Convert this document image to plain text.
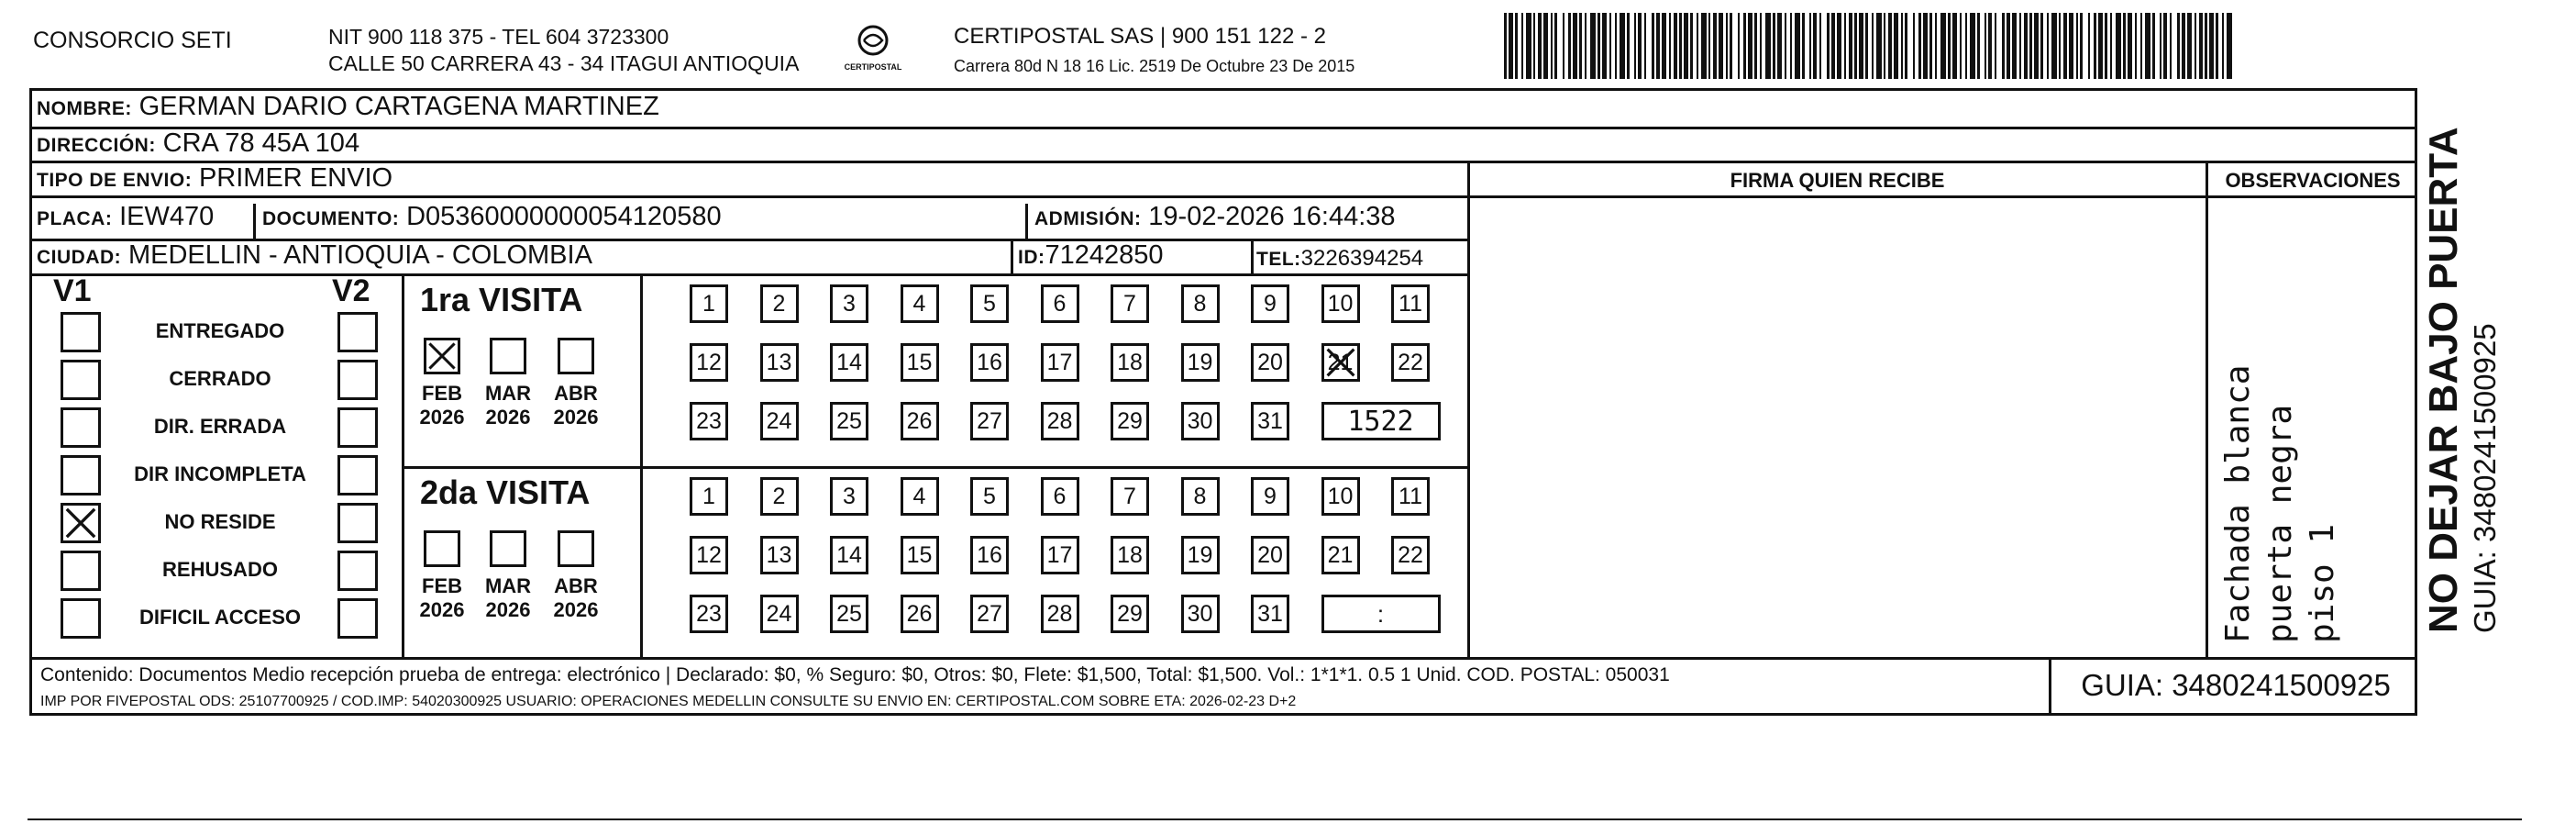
CONSORCIO SETI	NIT 900 118 375 - TEL 604 3723300
CALLE 50 CARRERA 43 - 34 ITAGUI ANTIOQUIA	CERTIPOSTAL
CERTIPOSTAL SAS | 900 151 122 - 2
Carrera 80d N 18 16 Lic. 2519 De Octubre 23 De 2015
NOMBRE: GERMAN DARIO CARTAGENA MARTINEZ
DIRECCIÓN: CRA 78 45A 104
TIPO DE ENVIO: PRIMER ENVIO
PLACA: IEW470	DOCUMENTO: D05360000000054120580	ADMISIÓN: 19-02-2026 16:44:38
CIUDAD: MEDELLIN - ANTIOQUIA - COLOMBIA	ID:71242850	TEL:3226394254
FIRMA QUIEN RECIBE	OBSERVACIONES
Fachada blanca puerta negra piso 1
V1	V2
ENTREGADO
CERRADO
DIR. ERRADA
DIR INCOMPLETA
NO RESIDE
REHUSADO
DIFICIL ACCESO
1ra VISITA
FEB
2026
MAR
2026
ABR
2026
1	2	3	4	5	6	7	8	9 10 11
12 13 14 15 16 17 18 19 20 21 22
23 24 25 26 27 28 29 30 31 1522
2da VISITA
FEB
2026
MAR
2026
ABR
2026
1	2	3	4	5	6	7	8	9 10 11
12 13 14 15 16 17 18 19 20 21 22
23 24 25 26 27 28 29 30 31	:
Contenido: Documentos Medio recepción prueba de entrega: electrónico | Declarado: $0, % Seguro: $0, Otros: $0, Flete: $1,500, Total: $1,500. Vol.: 1*1*1. 0.5 1 Unid. COD. POSTAL: 050031
IMP POR FIVEPOSTAL ODS: 25107700925 / COD.IMP: 54020300925 USUARIO: OPERACIONES MEDELLIN CONSULTE SU ENVIO EN: CERTIPOSTAL.COM SOBRE ETA: 2026-02-23 D+2	GUIA: 3480241500925
NO DEJAR BAJO PUERTA GUIA: 3480241500925
